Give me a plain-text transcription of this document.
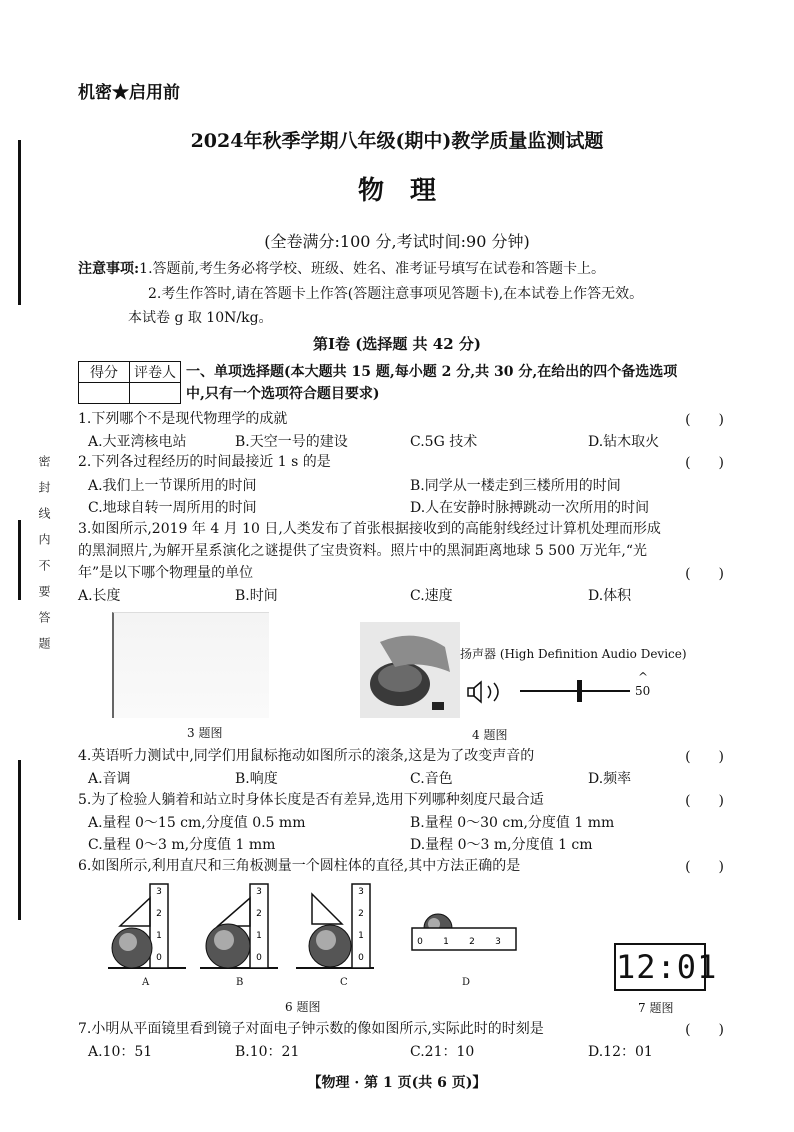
密封线内不要答题
机密★启用前
2024年秋季学期八年级(期中)教学质量监测试题
物　理
(全卷满分:100 分,考试时间:90 分钟)
注意事项:1.答题前,考生务必将学校、班级、姓名、准考证号填写在试卷和答题卡上。
2.考生作答时,请在答题卡上作答(答题注意事项见答题卡),在本试卷上作答无效。
本试卷 g 取 10N/kg。
第Ⅰ卷 (选择题 共 42 分)
得分	评卷人
	一、单项选择题(本大题共 15 题,每小题 2 分,共 30 分,在给出的四个备选选项
中,只有一个选项符合题目要求)
1.下列哪个不是现代物理学的成就	(　　)
A.大亚湾核电站	B.天空一号的建设	C.5G 技术	D.钻木取火
2.下列各过程经历的时间最接近 1 s 的是	(　　)
A.我们上一节课所用的时间	B.同学从一楼走到三楼所用的时间
C.地球自转一周所用的时间	D.人在安静时脉搏跳动一次所用的时间
3.如图所示,2019 年 4 月 10 日,人类发布了首张根据接收到的高能射线经过计算机处理而形成
的黑洞照片,为解开星系演化之谜提供了宝贵资料。照片中的黑洞距离地球 5 500 万光年,“光
年”是以下哪个物理量的单位	(　　)
A.长度	B.时间	C.速度	D.体积
3 题图
扬声器 (High Definition Audio Device)
^
50
4 题图
4.英语听力测试中,同学们用鼠标拖动如图所示的滚条,这是为了改变声音的	(　　)
A.音调	B.响度	C.音色	D.频率
5.为了检验人躺着和站立时身体长度是否有差异,选用下列哪种刻度尺最合适	(　　)
A.量程 0～15 cm,分度值 0.5 mm	B.量程 0～30 cm,分度值 1 mm
C.量程 0～3 m,分度值 1 mm	D.量程 0～3 m,分度值 1 cm
6.如图所示,利用直尺和三角板测量一个圆柱体的直径,其中方法正确的是	(　　)
3
2
1
0
A
3
2
1
0
B
3
2
1
0
C
0 1 2 3
D
6 题图
12:01
7 题图
7.小明从平面镜里看到镜子对面电子钟示数的像如图所示,实际此时的时刻是	(　　)
A.10：51	B.10：21	C.21：10	D.12：01
【物理 · 第 1 页(共 6 页)】
